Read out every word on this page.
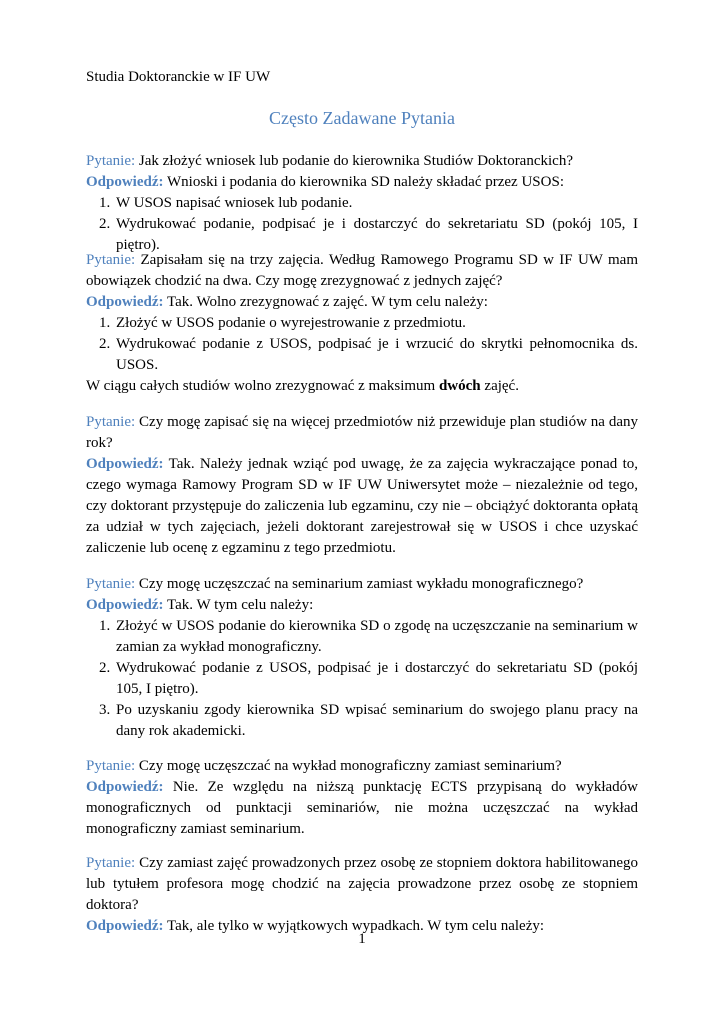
Studia Doktoranckie w IF UW
Często Zadawane Pytania

Pytanie: Jak złożyć wniosek lub podanie do kierownika Studiów Doktoranckich?

Odpowiedź: Wnioski i podania do kierownika SD należy składać przez USOS:

1. W USOS napisać wniosek lub podanie.
2. Wydrukować podanie, podpisać je i dostarczyć do sekretariatu SD (pokój 105, I piętro).

Pytanie: Zapisałam się na trzy zajęcia. Według Ramowego Programu SD w IF UW mam obowiązek chodzić na dwa. Czy mogę zrezygnować z jednych zajęć?

Odpowiedź: Tak. Wolno zrezygnować z zajęć. W tym celu należy:

1. Złożyć w USOS podanie o wyrejestrowanie z przedmiotu.
2. Wydrukować podanie z USOS, podpisać je i wrzucić do skrytki pełnomocnika ds. USOS.

W ciągu całych studiów wolno zrezygnować z maksimum dwóch zajęć.

Pytanie: Czy mogę zapisać się na więcej przedmiotów niż przewiduje plan studiów na dany rok?

Odpowiedź: Tak. Należy jednak wziąć pod uwagę, że za zajęcia wykraczające ponad to, czego wymaga Ramowy Program SD w IF UW Uniwersytet może – niezależnie od tego, czy doktorant przystępuje do zaliczenia lub egzaminu, czy nie – obciążyć doktoranta opłatą za udział w tych zajęciach, jeżeli doktorant zarejestrował się w USOS i chce uzyskać zaliczenie lub ocenę z egzaminu z tego przedmiotu.

Pytanie: Czy mogę uczęszczać na seminarium zamiast wykładu monograficznego?

Odpowiedź: Tak. W tym celu należy:

1. Złożyć w USOS podanie do kierownika SD o zgodę na uczęszczanie na seminarium w zamian za wykład monograficzny.
2. Wydrukować podanie z USOS, podpisać je i dostarczyć do sekretariatu SD (pokój 105, I piętro).
3. Po uzyskaniu zgody kierownika SD wpisać seminarium do swojego planu pracy na dany rok akademicki.

Pytanie: Czy mogę uczęszczać na wykład monograficzny zamiast seminarium?

Odpowiedź: Nie. Ze względu na niższą punktację ECTS przypisaną do wykładów monograficznych od punktacji seminariów, nie można uczęszczać na wykład monograficzny zamiast seminarium.

Pytanie: Czy zamiast zajęć prowadzonych przez osobę ze stopniem doktora habilitowanego lub tytułem profesora mogę chodzić na zajęcia prowadzone przez osobę ze stopniem doktora?

Odpowiedź: Tak, ale tylko w wyjątkowych wypadkach. W tym celu należy:

1
